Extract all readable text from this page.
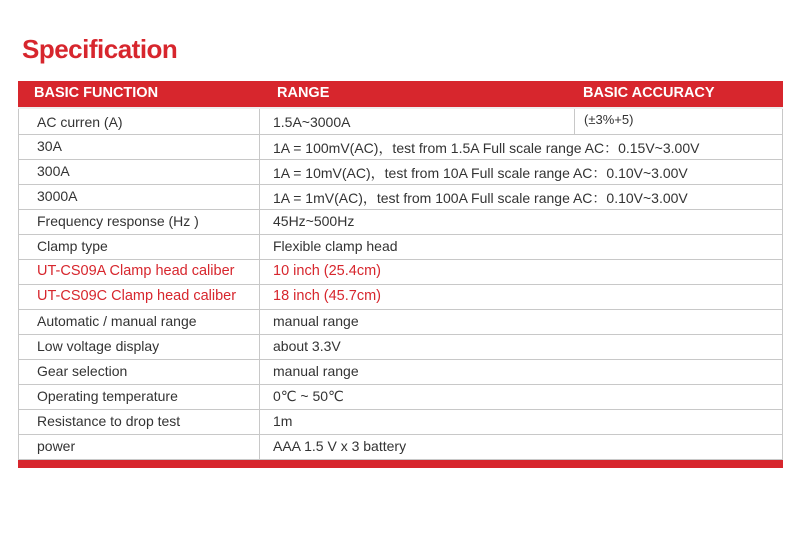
Specification
BASIC FUNCTION	RANGE	BASIC ACCURACY
AC curren (A)	1.5A~3000A	(±3%+5)
30A	1A = 100mV(AC)，test from 1.5A Full scale range AC：0.15V~3.00V
300A	1A = 10mV(AC)，test from 10A Full scale range AC：0.10V~3.00V
3000A	1A = 1mV(AC)，test from 100A Full scale range AC：0.10V~3.00V
Frequency response (Hz )	45Hz~500Hz
Clamp type	Flexible clamp head
UT-CS09A Clamp head caliber	10 inch (25.4cm)
UT-CS09C Clamp head caliber	18 inch (45.7cm)
Automatic / manual range	manual range
Low voltage display	about 3.3V
Gear selection	manual range
Operating temperature	0℃ ~ 50℃
Resistance to drop test	1m
power	AAA 1.5 V x 3 battery
